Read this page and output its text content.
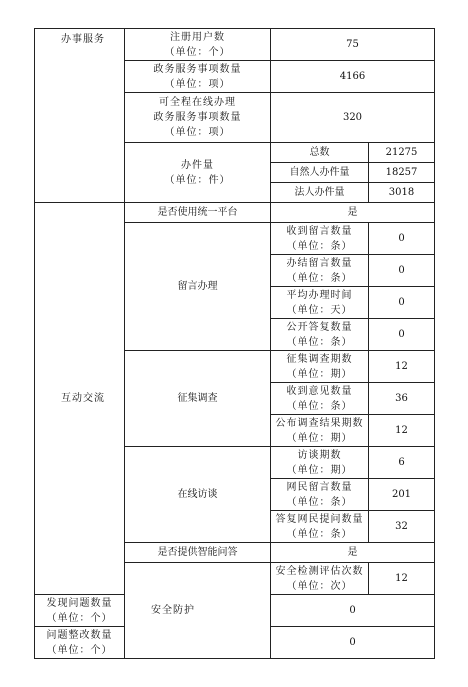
办事服务	注册用户数
（单位：个）	75	

	政务服务事项数量
（单位：项）	4166	

	可全程在线办理
政务服务事项数量
（单位：项）	320	

	办件量
（单位：件）	总数	21275
		自然人办件量	18257
		法人办件量	3018
互动交流	是否使用统一平台	是	
	留言办理	收到留言数量
（单位：条）	0

		办结留言数量
（单位：条）	0

		平均办理时间
（单位：天）	0

		公开答复数量
（单位：条）	0
	征集调查	征集调查期数
（单位：期）	12

		收到意见数量
（单位：条）	36

		公布调查结果期数
（单位：期）	12
	在线访谈	访谈期数
（单位：期）	6

		网民留言数量
（单位：条）	201

		答复网民提问数量
（单位：条）	32
	是否提供智能问答	是	
	安全防护	安全检测评估次数
（单位：次）	12

发现问题数量
（单位：个）		0	

问题整改数量
（单位：个）		0	
